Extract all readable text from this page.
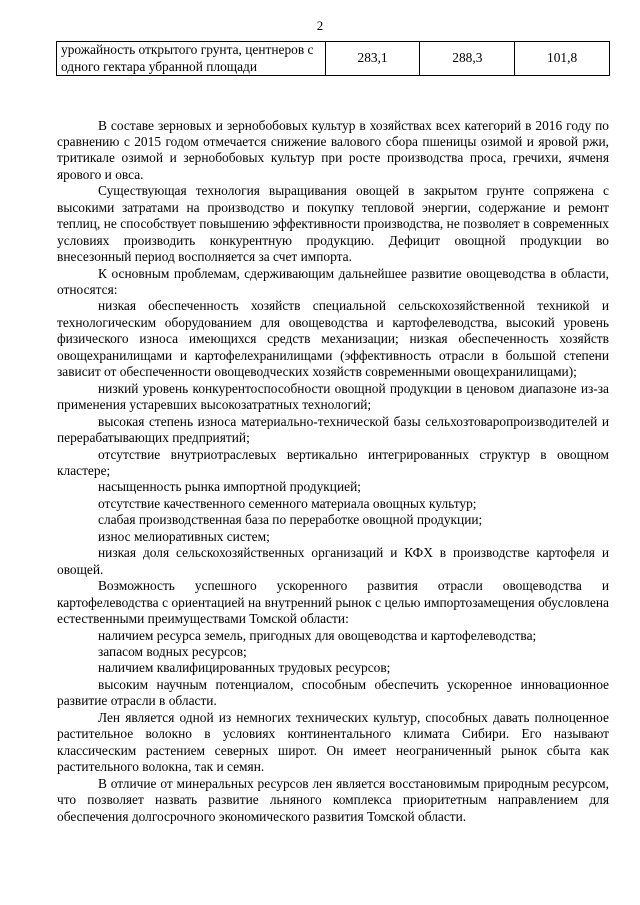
2
урожайность открытого грунта, центнеров с одного гектара убранной площади	283,1	288,3	101,8

В составе зерновых и зернобобовых культур в хозяйствах всех категорий в 2016 году по сравнению с 2015 годом отмечается снижение валового сбора пшеницы озимой и яровой ржи, тритикале озимой и зернобобовых культур при росте производства проса, гречихи, ячменя ярового и овса.

Существующая технология выращивания овощей в закрытом грунте сопряжена с высокими затратами на производство и покупку тепловой энергии, содержание и ремонт теплиц, не способствует повышению эффективности производства, не позволяет в современных условиях производить конкурентную продукцию. Дефицит овощной продукции во внесезонный период восполняется за счет импорта.

К основным проблемам, сдерживающим дальнейшее развитие овощеводства в области, относятся:

низкая обеспеченность хозяйств специальной сельскохозяйственной техникой и технологическим оборудованием для овощеводства и картофелеводства, высокий уровень физического износа имеющихся средств механизации; низкая обеспеченность хозяйств овощехранилищами и картофелехранилищами (эффективность отрасли в большой степени зависит от обеспеченности овощеводческих хозяйств современными овощехранилищами);

низкий уровень конкурентоспособности овощной продукции в ценовом диапазоне из-за применения устаревших высокозатратных технологий;

высокая степень износа материально-технической базы сельхозтоваропроизводителей и перерабатывающих предприятий;

отсутствие внутриотраслевых вертикально интегрированных структур в овощном кластере;

насыщенность рынка импортной продукцией;

отсутствие качественного семенного материала овощных культур;

слабая производственная база по переработке овощной продукции;

износ мелиоративных систем;

низкая доля сельскохозяйственных организаций и КФХ в производстве картофеля и овощей.

Возможность успешного ускоренного развития отрасли овощеводства и картофелеводства с ориентацией на внутренний рынок с целью импортозамещения обусловлена естественными преимуществами Томской области:

наличием ресурса земель, пригодных для овощеводства и картофелеводства;

запасом водных ресурсов;

наличием квалифицированных трудовых ресурсов;

высоким научным потенциалом, способным обеспечить ускоренное инновационное развитие отрасли в области.

Лен является одной из немногих технических культур, способных давать полноценное растительное волокно в условиях континентального климата Сибири. Его называют классическим растением северных широт. Он имеет неограниченный рынок сбыта как растительного волокна, так и семян.

В отличие от минеральных ресурсов лен является восстановимым природным ресурсом, что позволяет назвать развитие льняного комплекса приоритетным направлением для обеспечения долгосрочного экономического развития Томской области.
